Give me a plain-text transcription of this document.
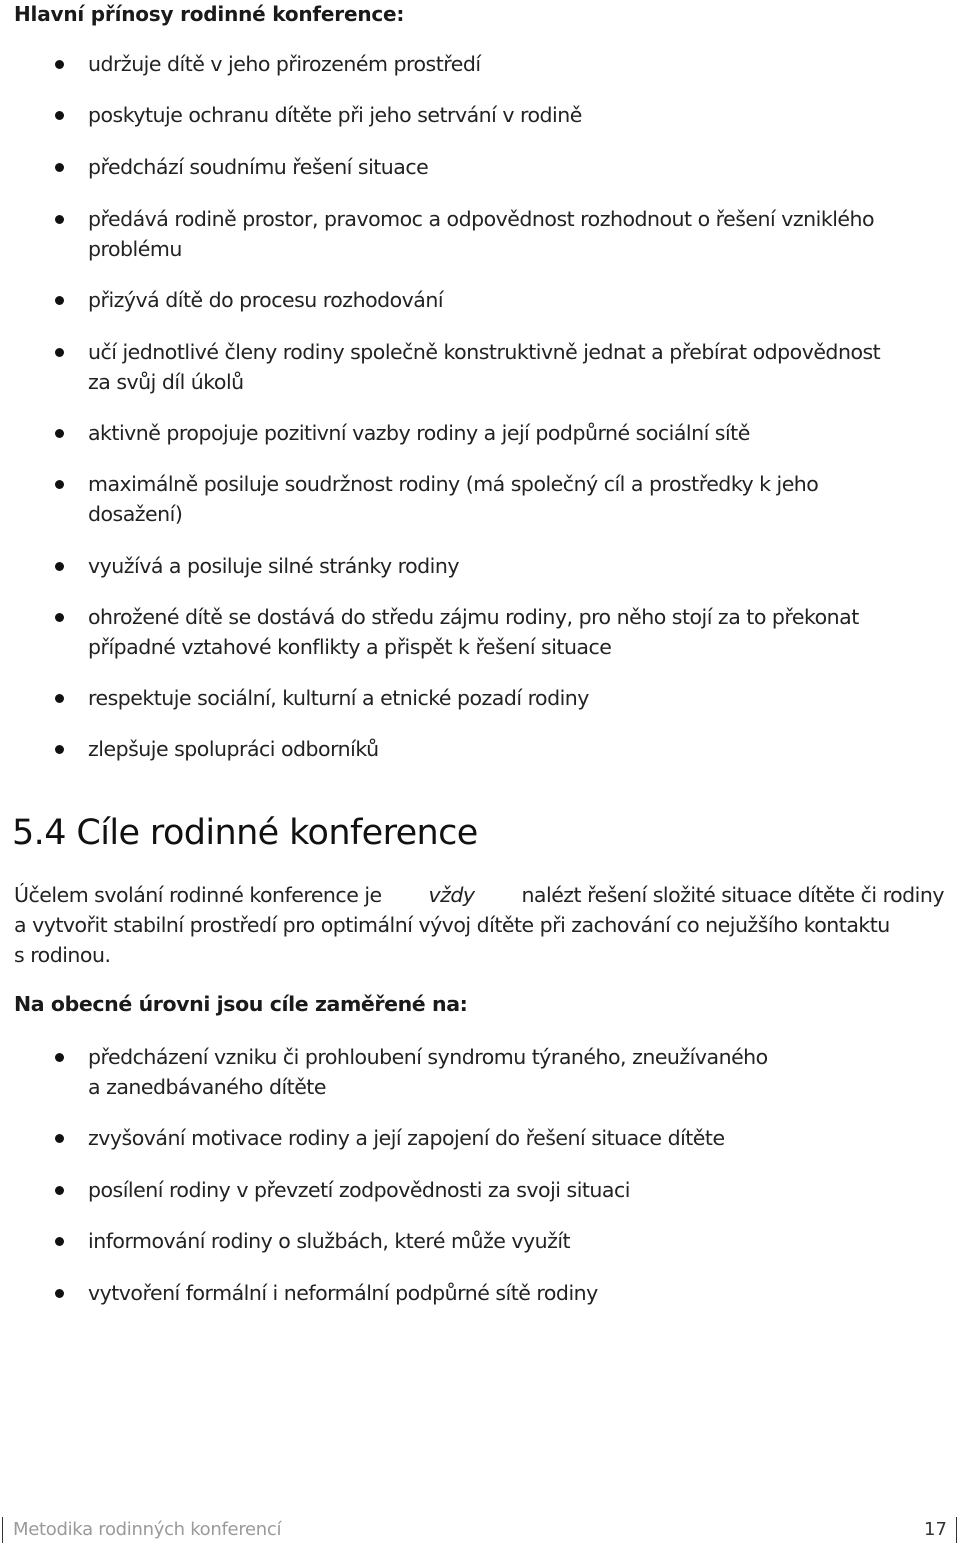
Hlavní přínosy rodinné konference:
udržuje dítě v jeho přirozeném prostředí
poskytuje ochranu dítěte při jeho setrvání v rodině
předchází soudnímu řešení situace
předává rodině prostor, pravomoc a odpovědnost rozhodnout o řešení vzniklého
problému
přizývá dítě do procesu rozhodování
učí jednotlivé členy rodiny společně konstruktivně jednat a přebírat odpovědnost
za svůj díl úkolů
aktivně propojuje pozitivní vazby rodiny a její podpůrné sociální sítě
maximálně posiluje soudržnost rodiny (má společný cíl a prostředky k jeho
dosažení)
využívá a posiluje silné stránky rodiny
ohrožené dítě se dostává do středu zájmu rodiny, pro něho stojí za to překonat
případné vztahové konflikty a přispět k řešení situace
respektuje sociální, kulturní a etnické pozadí rodiny
zlepšuje spolupráci odborníků
5.4 Cíle rodinné konference

Účelem svolání rodinné konference je vždy nalézt řešení složité situace dítěte či rodiny
a vytvořit stabilní prostředí pro optimální vývoj dítěte při zachování co nejužšího kontaktu
s rodinou.

Na obecné úrovni jsou cíle zaměřené na:
předcházení vzniku či prohloubení syndromu týraného, zneužívaného
a zanedbávaného dítěte
zvyšování motivace rodiny a její zapojení do řešení situace dítěte
posílení rodiny v převzetí zodpovědnosti za svoji situaci
informování rodiny o službách, které může využít
vytvoření formální i neformální podpůrné sítě rodiny
Metodika rodinných konferencí	17
